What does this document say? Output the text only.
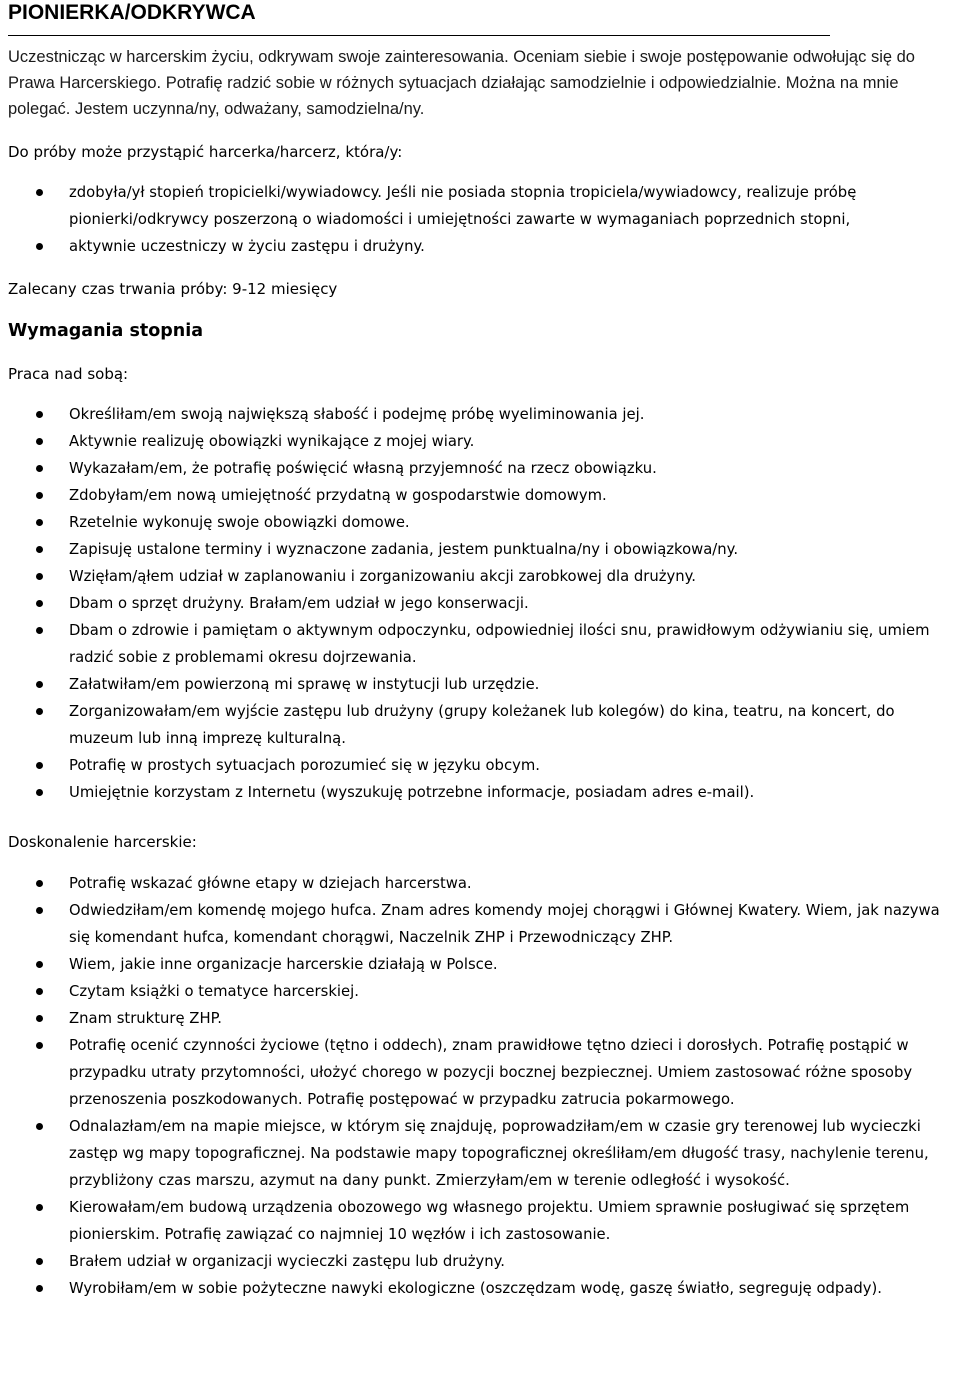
PIONIERKA/ODKRYWCA

Uczestnicząc w harcerskim życiu, odkrywam swoje zainteresowania. Oceniam siebie i swoje postępowanie odwołując się do Prawa Harcerskiego. Potrafię radzić sobie w różnych sytuacjach działając samodzielnie i odpowiedzialnie. Można na mnie polegać. Jestem uczynna/ny, odważany, samodzielna/ny.

Do próby może przystąpić harcerka/harcerz, która/y:

zdobyła/ył stopień tropicielki/wywiadowcy. Jeśli nie posiada stopnia tropiciela/wywiadowcy, realizuje próbę pionierki/odkrywcy poszerzoną o wiadomości i umiejętności zawarte w wymaganiach poprzednich stopni,
aktywnie uczestniczy w życiu zastępu i drużyny.

Zalecany czas trwania próby: 9-12 miesięcy

Wymagania stopnia

Praca nad sobą:

Określiłam/em swoją największą słabość i podejmę próbę wyeliminowania jej.
Aktywnie realizuję obowiązki wynikające z mojej wiary.
Wykazałam/em, że potrafię poświęcić własną przyjemność na rzecz obowiązku.
Zdobyłam/em nową umiejętność przydatną w gospodarstwie domowym.
Rzetelnie wykonuję swoje obowiązki domowe.
Zapisuję ustalone terminy i wyznaczone zadania, jestem punktualna/ny i obowiązkowa/ny.
Wzięłam/ąłem udział w zaplanowaniu i zorganizowaniu akcji zarobkowej dla drużyny.
Dbam o sprzęt drużyny. Brałam/em udział w jego konserwacji.
Dbam o zdrowie i pamiętam o aktywnym odpoczynku, odpowiedniej ilości snu, prawidłowym odżywianiu się, umiem radzić sobie z problemami okresu dojrzewania.
Załatwiłam/em powierzoną mi sprawę w instytucji lub urzędzie.
Zorganizowałam/em wyjście zastępu lub drużyny (grupy koleżanek lub kolegów) do kina, teatru, na koncert, do muzeum lub inną imprezę kulturalną.
Potrafię w prostych sytuacjach porozumieć się w języku obcym.
Umiejętnie korzystam z Internetu (wyszukuję potrzebne informacje, posiadam adres e-mail).

Doskonalenie harcerskie:

Potrafię wskazać główne etapy w dziejach harcerstwa.
Odwiedziłam/em komendę mojego hufca. Znam adres komendy mojej chorągwi i Głównej Kwatery. Wiem, jak nazywa się komendant hufca, komendant chorągwi, Naczelnik ZHP i Przewodniczący ZHP.
Wiem, jakie inne organizacje harcerskie działają w Polsce.
Czytam książki o tematyce harcerskiej.
Znam strukturę ZHP.
Potrafię ocenić czynności życiowe (tętno i oddech), znam prawidłowe tętno dzieci i dorosłych. Potrafię postąpić w przypadku utraty przytomności, ułożyć chorego w pozycji bocznej bezpiecznej. Umiem zastosować różne sposoby przenoszenia poszkodowanych. Potrafię postępować w przypadku zatrucia pokarmowego.
Odnalazłam/em na mapie miejsce, w którym się znajduję, poprowadziłam/em w czasie gry terenowej lub wycieczki zastęp wg mapy topograficznej. Na podstawie mapy topograficznej określiłam/em długość trasy, nachylenie terenu, przybliżony czas marszu, azymut na dany punkt. Zmierzyłam/em w terenie odległość i wysokość.
Kierowałam/em budową urządzenia obozowego wg własnego projektu. Umiem sprawnie posługiwać się sprzętem pionierskim. Potrafię zawiązać co najmniej 10 węzłów i ich zastosowanie.
Brałem udział w organizacji wycieczki zastępu lub drużyny.
Wyrobiłam/em w sobie pożyteczne nawyki ekologiczne (oszczędzam wodę, gaszę światło, segreguję odpady).
